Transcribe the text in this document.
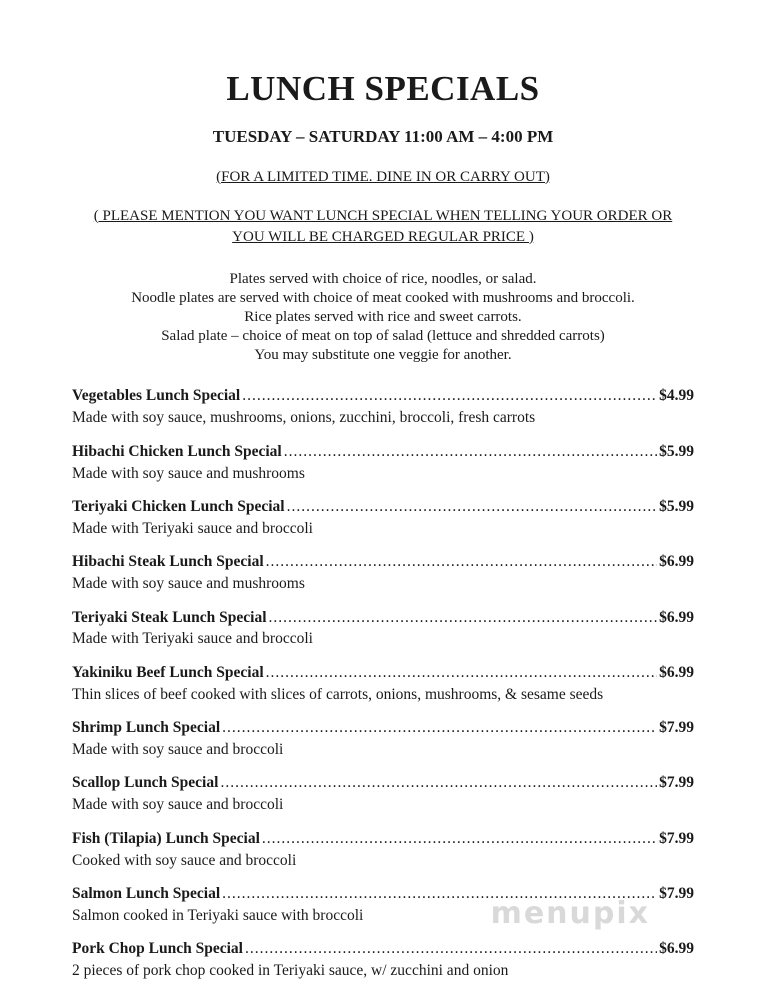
LUNCH SPECIALS
TUESDAY – SATURDAY 11:00 AM – 4:00 PM
(FOR A LIMITED TIME. DINE IN OR CARRY OUT)
( PLEASE MENTION YOU WANT LUNCH SPECIAL WHEN TELLING YOUR ORDER OR YOU WILL BE CHARGED REGULAR PRICE )
Plates served with choice of rice, noodles, or salad.
Noodle plates are served with choice of meat cooked with mushrooms and broccoli.
Rice plates served with rice and sweet carrots.
Salad plate – choice of meat on top of salad (lettuce and shredded carrots)
You may substitute one veggie for another.
Vegetables Lunch Special .....	$4.99
Made with soy sauce, mushrooms, onions, zucchini, broccoli, fresh carrots
Hibachi Chicken Lunch Special .....	$5.99
Made with soy sauce and mushrooms
Teriyaki Chicken Lunch Special .....	$5.99
Made with Teriyaki sauce and broccoli
Hibachi Steak Lunch Special .....	$6.99
Made with soy sauce and mushrooms
Teriyaki Steak Lunch Special .....	$6.99
Made with Teriyaki sauce and broccoli
Yakiniku Beef Lunch Special .....	$6.99
Thin slices of beef cooked with slices of carrots, onions, mushrooms, & sesame seeds
Shrimp Lunch Special .....	$7.99
Made with soy sauce and broccoli
Scallop Lunch Special .....	$7.99
Made with soy sauce and broccoli
Fish (Tilapia) Lunch Special .....	$7.99
Cooked with soy sauce and broccoli
Salmon Lunch Special .....	$7.99
Salmon cooked in Teriyaki sauce with broccoli
Pork Chop Lunch Special .....	$6.99
2 pieces of pork chop cooked in Teriyaki sauce, w/ zucchini and onion
menupix
